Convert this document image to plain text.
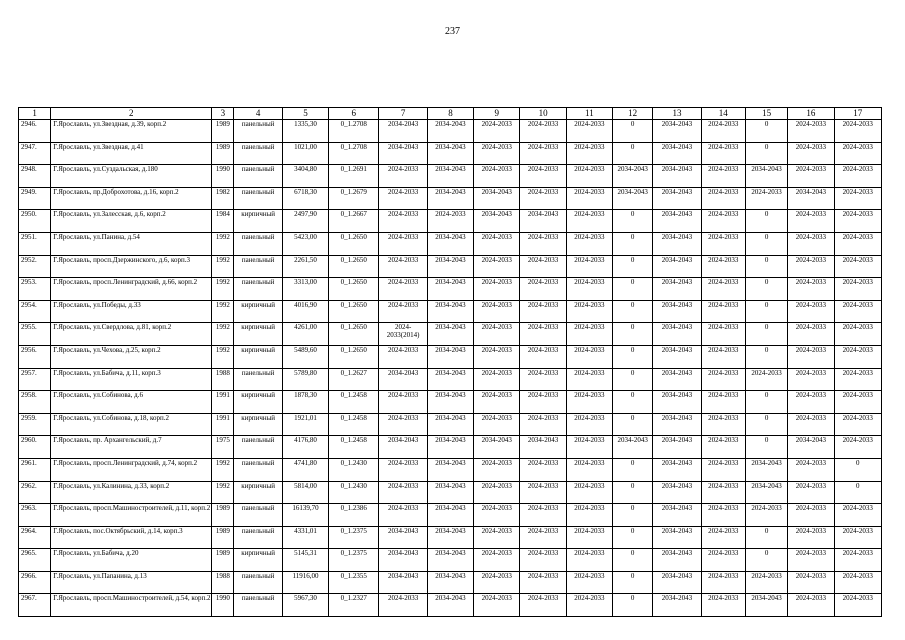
237
1	2	3	4	5	6	7	8	9	10	11	12	13	14	15	16	17
2946.	Г.Ярославль, ул.Звездная, д.39, корп.2	1989	панельный	1335,30	0_1.2708	2034-2043	2034-2043	2024-2033	2024-2033	2024-2033	0	2034-2043	2024-2033	0	2024-2033	2024-2033
2947.	Г.Ярославль, ул.Звездная, д.41	1989	панельный	1021,00	0_1.2708	2034-2043	2034-2043	2024-2033	2024-2033	2024-2033	0	2034-2043	2024-2033	0	2024-2033	2024-2033
2948.	Г.Ярославль, ул.Суздальская, д.180	1990	панельный	3404,80	0_1.2691	2024-2033	2034-2043	2024-2033	2024-2033	2024-2033	2034-2043	2034-2043	2024-2033	2034-2043	2024-2033	2024-2033
2949.	Г.Ярославль, пр.Доброхотова, д.16, корп.2	1982	панельный	6718,30	0_1.2679	2024-2033	2034-2043	2034-2043	2024-2033	2024-2033	2034-2043	2034-2043	2024-2033	2024-2033	2034-2043	2024-2033
2950.	Г.Ярославль, ул.Залесская, д.6, корп.2	1984	кирпичный	2497,90	0_1.2667	2024-2033	2024-2033	2034-2043	2034-2043	2024-2033	0	2034-2043	2024-2033	0	2024-2033	2024-2033
2951.	Г.Ярославль, ул.Панина, д.54	1992	панельный	5423,00	0_1.2650	2024-2033	2034-2043	2024-2033	2024-2033	2024-2033	0	2034-2043	2024-2033	0	2024-2033	2024-2033
2952.	Г.Ярославль, просп.Дзержинского, д.6, корп.3	1992	панельный	2261,50	0_1.2650	2024-2033	2034-2043	2024-2033	2024-2033	2024-2033	0	2034-2043	2024-2033	0	2024-2033	2024-2033
2953.	Г.Ярославль, просп.Ленинградский, д.66, корп.2	1992	панельный	3313,00	0_1.2650	2024-2033	2034-2043	2024-2033	2024-2033	2024-2033	0	2034-2043	2024-2033	0	2024-2033	2024-2033
2954.	Г.Ярославль, ул.Победы, д.33	1992	кирпичный	4016,90	0_1.2650	2024-2033	2034-2043	2024-2033	2024-2033	2024-2033	0	2034-2043	2024-2033	0	2024-2033	2024-2033
2955.	Г.Ярославль, ул.Свердлова, д.81, корп.2	1992	кирпичный	4261,00	0_1.2650	2024-2033(2014)	2034-2043	2024-2033	2024-2033	2024-2033	0	2034-2043	2024-2033	0	2024-2033	2024-2033
2956.	Г.Ярославль, ул.Чехова, д.25, корп.2	1992	кирпичный	5489,60	0_1.2650	2024-2033	2034-2043	2024-2033	2024-2033	2024-2033	0	2034-2043	2024-2033	0	2024-2033	2024-2033
2957.	Г.Ярославль, ул.Бабича, д.11, корп.3	1988	панельный	5789,80	0_1.2627	2034-2043	2034-2043	2024-2033	2024-2033	2024-2033	0	2034-2043	2024-2033	2024-2033	2024-2033	2024-2033
2958.	Г.Ярославль, ул.Собинова, д.6	1991	кирпичный	1878,30	0_1.2458	2024-2033	2034-2043	2024-2033	2024-2033	2024-2033	0	2034-2043	2024-2033	0	2024-2033	2024-2033
2959.	Г.Ярославль, ул.Собинова, д.18, корп.2	1991	кирпичный	1921,01	0_1.2458	2024-2033	2034-2043	2024-2033	2024-2033	2024-2033	0	2034-2043	2024-2033	0	2024-2033	2024-2033
2960.	Г.Ярославль, пр. Архангельский, д.7	1975	панельный	4176,80	0_1.2458	2034-2043	2034-2043	2034-2043	2034-2043	2024-2033	2034-2043	2034-2043	2024-2033	0	2034-2043	2024-2033
2961.	Г.Ярославль, просп.Ленинградский, д.74, корп.2	1992	панельный	4741,80	0_1.2430	2024-2033	2034-2043	2024-2033	2024-2033	2024-2033	0	2034-2043	2024-2033	2034-2043	2024-2033	0
2962.	Г.Ярославль, ул.Калинина, д.33, корп.2	1992	кирпичный	5814,00	0_1.2430	2024-2033	2034-2043	2024-2033	2024-2033	2024-2033	0	2034-2043	2024-2033	2034-2043	2024-2033	0
2963.	Г.Ярославль, просп.Машиностроителей, д.11, корп.2	1989	панельный	16139,70	0_1.2386	2024-2033	2034-2043	2024-2033	2024-2033	2024-2033	0	2034-2043	2024-2033	2024-2033	2024-2033	2024-2033
2964.	Г.Ярославль, пос.Октябрьский, д.14, корп.3	1989	панельный	4331,01	0_1.2375	2034-2043	2034-2043	2024-2033	2024-2033	2024-2033	0	2034-2043	2024-2033	0	2024-2033	2024-2033
2965.	Г.Ярославль, ул.Бабича, д.20	1989	кирпичный	5145,31	0_1.2375	2034-2043	2034-2043	2024-2033	2024-2033	2024-2033	0	2034-2043	2024-2033	0	2024-2033	2024-2033
2966.	Г.Ярославль, ул.Папанина, д.13	1988	панельный	11916,00	0_1.2355	2034-2043	2034-2043	2024-2033	2024-2033	2024-2033	0	2034-2043	2024-2033	2024-2033	2024-2033	2024-2033
2967.	Г.Ярославль, просп.Машиностроителей, д.54, корп.2	1990	панельный	5967,30	0_1.2327	2024-2033	2034-2043	2024-2033	2024-2033	2024-2033	0	2034-2043	2024-2033	2034-2043	2024-2033	2024-2033
